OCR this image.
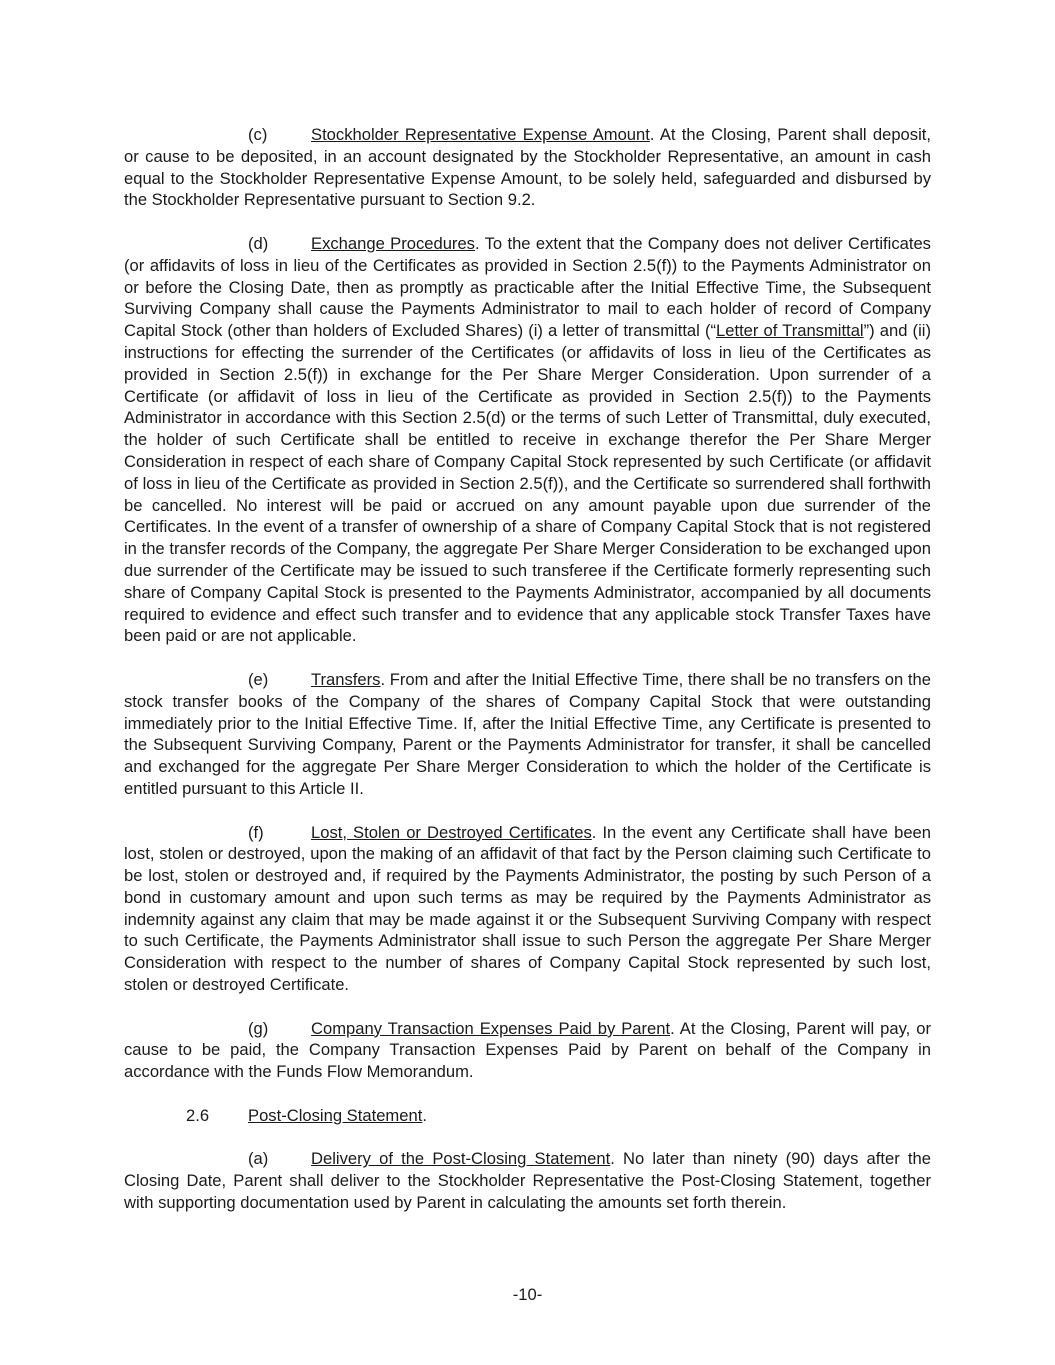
(c)	Stockholder Representative Expense Amount. At the Closing, Parent shall deposit, or cause to be deposited, in an account designated by the Stockholder Representative, an amount in cash equal to the Stockholder Representative Expense Amount, to be solely held, safeguarded and disbursed by the Stockholder Representative pursuant to Section 9.2.

(d)	Exchange Procedures. To the extent that the Company does not deliver Certificates (or affidavits of loss in lieu of the Certificates as provided in Section 2.5(f)) to the Payments Administrator on or before the Closing Date, then as promptly as practicable after the Initial Effective Time, the Subsequent Surviving Company shall cause the Payments Administrator to mail to each holder of record of Company Capital Stock (other than holders of Excluded Shares) (i) a letter of transmittal (“Letter of Transmittal”) and (ii) instructions for effecting the surrender of the Certificates (or affidavits of loss in lieu of the Certificates as provided in Section 2.5(f)) in exchange for the Per Share Merger Consideration. Upon surrender of a Certificate (or affidavit of loss in lieu of the Certificate as provided in Section 2.5(f)) to the Payments Administrator in accordance with this Section 2.5(d) or the terms of such Letter of Transmittal, duly executed, the holder of such Certificate shall be entitled to receive in exchange therefor the Per Share Merger Consideration in respect of each share of Company Capital Stock represented by such Certificate (or affidavit of loss in lieu of the Certificate as provided in Section 2.5(f)), and the Certificate so surrendered shall forthwith be cancelled. No interest will be paid or accrued on any amount payable upon due surrender of the Certificates. In the event of a transfer of ownership of a share of Company Capital Stock that is not registered in the transfer records of the Company, the aggregate Per Share Merger Consideration to be exchanged upon due surrender of the Certificate may be issued to such transferee if the Certificate formerly representing such share of Company Capital Stock is presented to the Payments Administrator, accompanied by all documents required to evidence and effect such transfer and to evidence that any applicable stock Transfer Taxes have been paid or are not applicable.

(e)	Transfers. From and after the Initial Effective Time, there shall be no transfers on the stock transfer books of the Company of the shares of Company Capital Stock that were outstanding immediately prior to the Initial Effective Time. If, after the Initial Effective Time, any Certificate is presented to the Subsequent Surviving Company, Parent or the Payments Administrator for transfer, it shall be cancelled and exchanged for the aggregate Per Share Merger Consideration to which the holder of the Certificate is entitled pursuant to this Article II.

(f)	Lost, Stolen or Destroyed Certificates. In the event any Certificate shall have been lost, stolen or destroyed, upon the making of an affidavit of that fact by the Person claiming such Certificate to be lost, stolen or destroyed and, if required by the Payments Administrator, the posting by such Person of a bond in customary amount and upon such terms as may be required by the Payments Administrator as indemnity against any claim that may be made against it or the Subsequent Surviving Company with respect to such Certificate, the Payments Administrator shall issue to such Person the aggregate Per Share Merger Consideration with respect to the number of shares of Company Capital Stock represented by such lost, stolen or destroyed Certificate.

(g)	Company Transaction Expenses Paid by Parent. At the Closing, Parent will pay, or cause to be paid, the Company Transaction Expenses Paid by Parent on behalf of the Company in accordance with the Funds Flow Memorandum.

2.6 Post-Closing Statement.

(a)	Delivery of the Post-Closing Statement. No later than ninety (90) days after the Closing Date, Parent shall deliver to the Stockholder Representative the Post-Closing Statement, together with supporting documentation used by Parent in calculating the amounts set forth therein.

-10-
